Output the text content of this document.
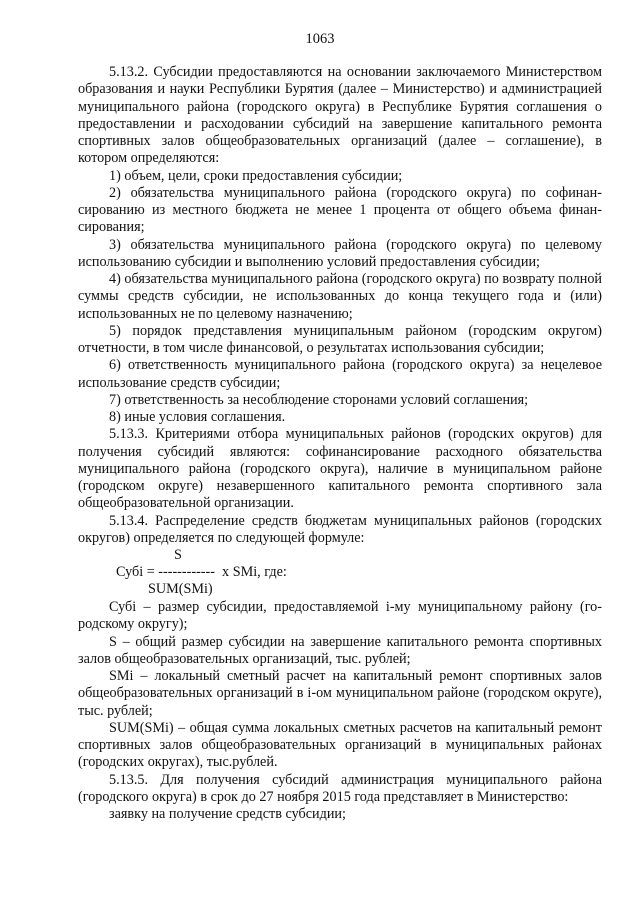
1063

5.13.2. Субсидии предоставляются на основании заключаемого Министерством образования и науки Республики Бурятия (далее – Министерство) и администрацией муниципального района (городского округа) в Республике Бурятия соглашения о предоставлении и расходовании субсидий на завершение капитального ремонта спортивных залов общеобразовательных организаций (далее – соглашение), в котором определяются:

1) объем, цели, сроки предоставления субсидии;

2) обязательства муниципального района (городского округа) по софинансированию из местного бюджета не менее 1 процента от общего объема финансирования;

3) обязательства муниципального района (городского округа) по целевому использованию субсидии и выполнению условий предоставления субсидии;

4) обязательства муниципального района (городского округа) по возврату полной суммы средств субсидии, не использованных до конца текущего года и (или) использованных не по целевому назначению;

5) порядок представления муниципальным районом (городским округом) отчетности, в том числе финансовой, о результатах использования субсидии;

6) ответственность муниципального района (городского округа) за нецелевое использование средств субсидии;

7) ответственность за несоблюдение сторонами условий соглашения;

8) иные условия соглашения.

5.13.3. Критериями отбора муниципальных районов (городских округов) для получения субсидий являются: софинансирование расходного обязательства муниципального района (городского округа), наличие в муниципальном районе (городском округе) незавершенного капитального ремонта спортивного зала общеобразовательной организации.

5.13.4. Распределение средств бюджетам муниципальных районов (городских округов) определяется по следующей формуле:

S
Субi = ------------  x SMi, где:
SUM(SMi)

Субi – размер субсидии, предоставляемой i-му муниципальному району (городскому округу);

S – общий размер субсидии на завершение капитального ремонта спортивных залов общеобразовательных организаций, тыс. рублей;

SMi – локальный сметный расчет на капитальный ремонт спортивных залов общеобразовательных организаций в i-ом муниципальном районе (городском округе), тыс. рублей;

SUM(SMi) – общая сумма локальных сметных расчетов на капитальный ремонт спортивных залов общеобразовательных организаций в муниципальных районах (городских округах), тыс.рублей.

5.13.5. Для получения субсидий администрация муниципального района (городского округа) в срок до 27 ноября 2015 года представляет в Министерство:

заявку на получение средств субсидии;
